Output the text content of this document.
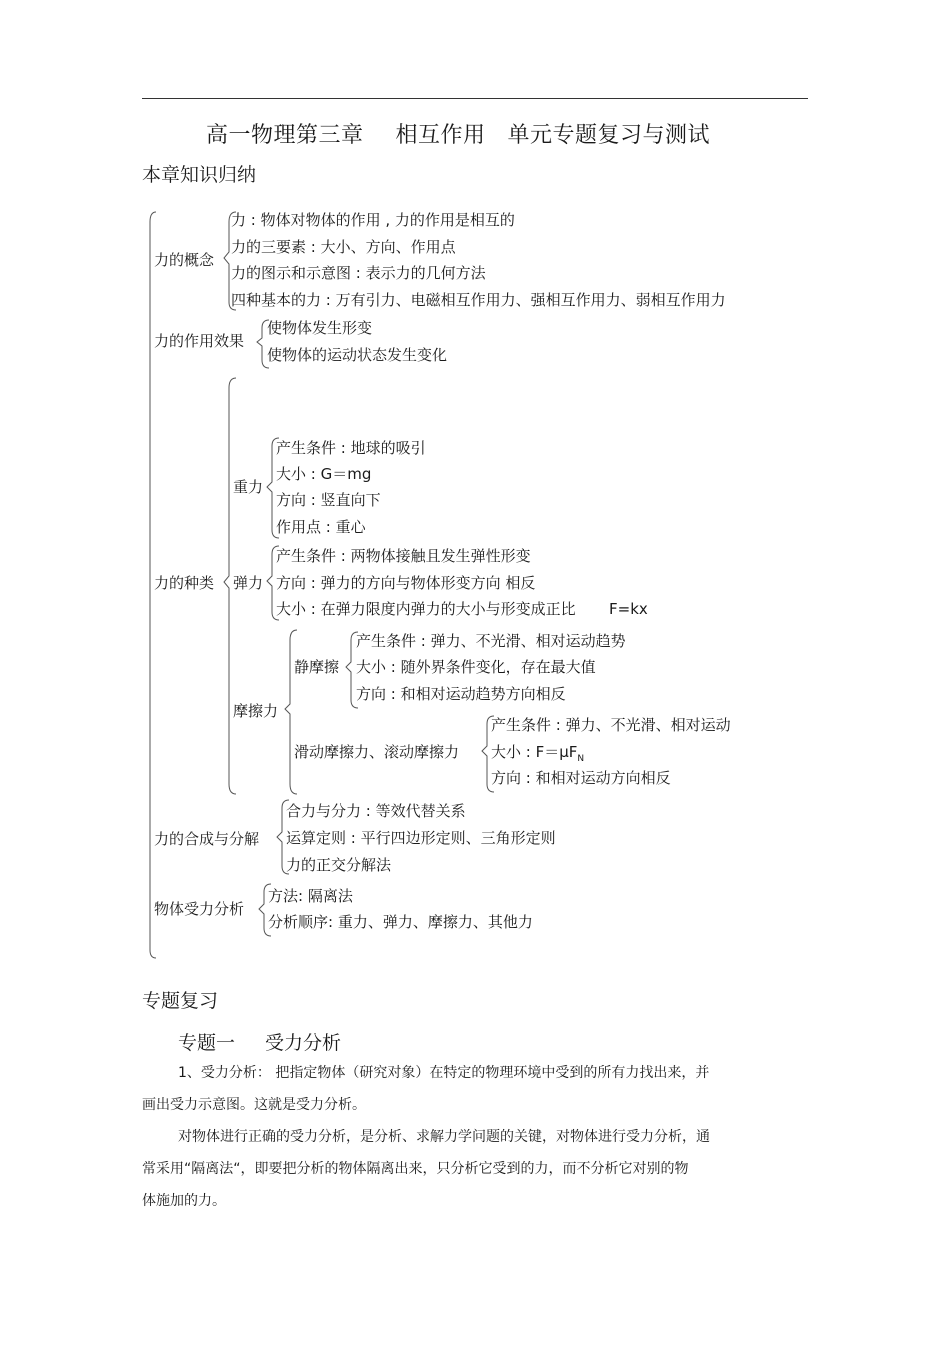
高一物理第三章 相互作用 单元专题复习与测试
本章知识归纳
力的概念
力 : 物体对物体的作用 , 力的作用是相互的
力的三要素 : 大小、方向、作用点
力的图示和示意图 : 表示力的几何方法
四种基本的力 : 万有引力、电磁相互作用力、强相互作用力、弱相互作用力
力的作用效果
使物体发生形变
使物体的运动状态发生变化
力的种类
重力
产生条件 : 地球的吸引
大小 : G＝mg
方向 : 竖直向下
作用点 : 重心
弹力
产生条件 : 两物体接触且发生弹性形变
方向 : 弹力的方向与物体形变方向 相反
大小 : 在弹力限度内弹力的大小与形变成正比 F=kx
摩擦力
静摩擦
产生条件 : 弹力、不光滑、相对运动趋势
大小 : 随外界条件变化，存在最大值
方向 : 和相对运动趋势方向相反
滑动摩擦力、滚动摩擦力
产生条件 : 弹力、不光滑、相对运动
大小 : $F=\mu F_N$
方向 : 和相对运动方向相反
力的合成与分解
合力与分力 : 等效代替关系
运算定则 : 平行四边形定则、三角形定则
力的正交分解法
物体受力分析
方法: 隔离法
分析顺序: 重力、弹力、摩擦力、其他力
专题复习
专题一 受力分析
1、受力分析： 把指定物体（研究对象）在特定的物理环境中受到的所有力找出来，并
画出受力示意图。这就是受力分析。
对物体进行正确的受力分析，是分析、求解力学问题的关键，对物体进行受力分析，通
常采用“隔离法“，即要把分析的物体隔离出来，只分析它受到的力，而不分析它对别的物
体施加的力。
